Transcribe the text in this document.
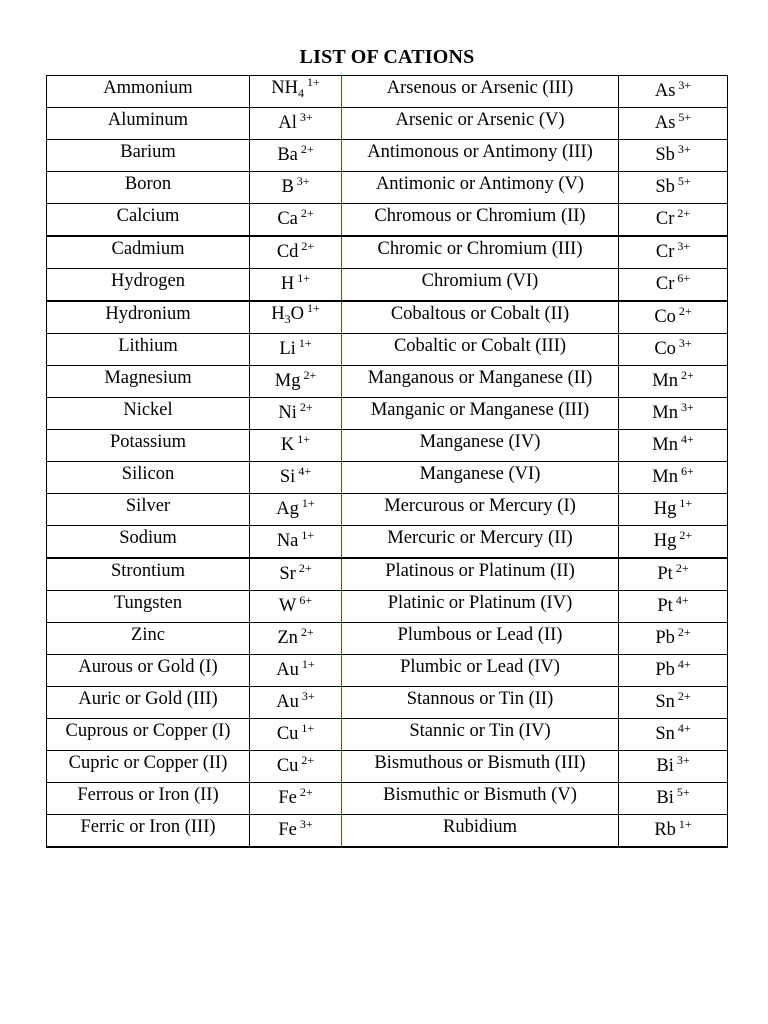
LIST OF CATIONS
Ammonium	$NH_4^{1+}$	Arsenous or Arsenic (III)	As $^{3+}$
Aluminum	Al $^{3+}$	Arsenic or Arsenic (V)	As $^{5+}$
Barium	Ba $^{2+}$	Antimonous or Antimony (III)	Sb $^{3+}$
Boron	B $^{3+}$	Antimonic or Antimony (V)	Sb $^{5+}$
Calcium	Ca $^{2+}$	Chromous or Chromium (II)	Cr $^{2+}$
Cadmium	Cd $^{2+}$	Chromic or Chromium (III)	Cr $^{3+}$
Hydrogen	H $^{1+}$	Chromium (VI)	Cr $^{6+}$
Hydronium	$H_3O$ $^{1+}$	Cobaltous or Cobalt (II)	Co $^{2+}$
Lithium	Li $^{1+}$	Cobaltic or Cobalt (III)	Co $^{3+}$
Magnesium	Mg $^{2+}$	Manganous or Manganese (II)	Mn $^{2+}$
Nickel	Ni $^{2+}$	Manganic or Manganese (III)	Mn $^{3+}$
Potassium	K $^{1+}$	Manganese (IV)	Mn $^{4+}$
Silicon	Si $^{4+}$	Manganese (VI)	Mn $^{6+}$
Silver	Ag $^{1+}$	Mercurous or Mercury (I)	Hg $^{1+}$
Sodium	Na $^{1+}$	Mercuric or Mercury (II)	Hg $^{2+}$
Strontium	Sr $^{2+}$	Platinous or Platinum (II)	Pt $^{2+}$
Tungsten	W $^{6+}$	Platinic or Platinum (IV)	Pt $^{4+}$
Zinc	Zn $^{2+}$	Plumbous or Lead (II)	Pb $^{2+}$
Aurous or Gold (I)	Au $^{1+}$	Plumbic or Lead (IV)	Pb $^{4+}$
Auric or Gold (III)	Au $^{3+}$	Stannous or Tin (II)	Sn $^{2+}$
Cuprous or Copper (I)	Cu $^{1+}$	Stannic or Tin (IV)	Sn $^{4+}$
Cupric or Copper (II)	Cu $^{2+}$	Bismuthous or Bismuth (III)	Bi $^{3+}$
Ferrous or Iron (II)	Fe $^{2+}$	Bismuthic or Bismuth (V)	Bi $^{5+}$
Ferric or Iron (III)	Fe $^{3+}$	Rubidium	Rb $^{1+}$
